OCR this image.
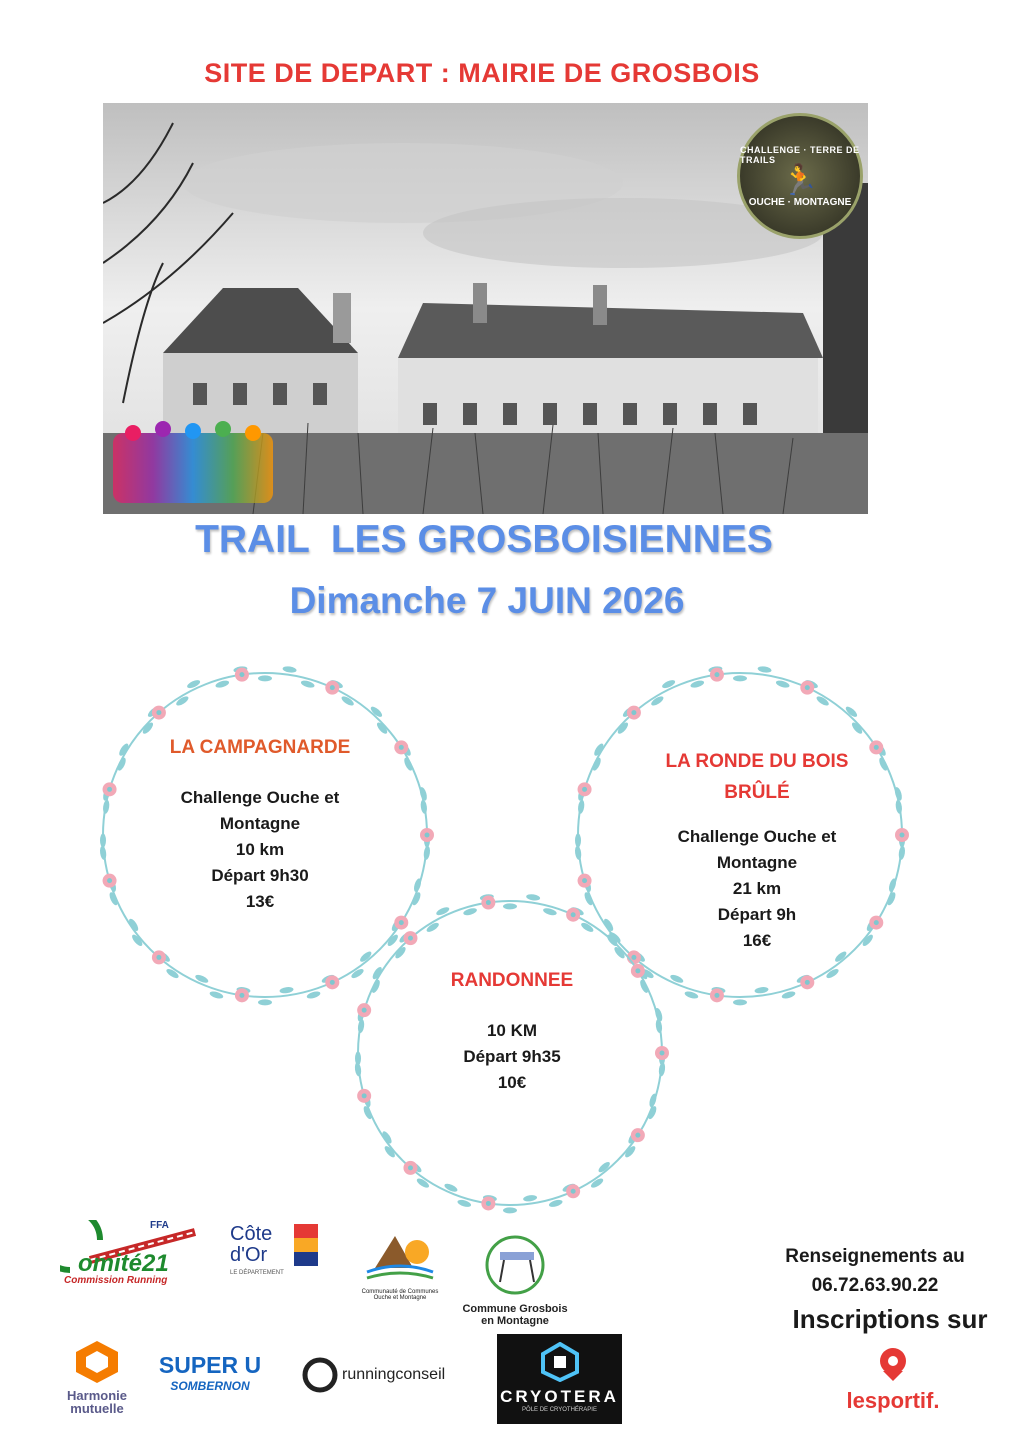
SITE DE DEPART : MAIRIE DE GROSBOIS
CHALLENGE · TERRE DE TRAILS
🏃
OUCHE · MONTAGNE
TRAIL  LES GROSBOISIENNES
Dimanche 7 JUIN 2026
LA CAMPAGNARDE
Challenge Ouche et
Montagne
10 km
Départ 9h30
13€
LA RONDE DU BOIS
BRÛLÉ
Challenge Ouche et
Montagne
21 km
Départ 9h
16€
RANDONNEE
10 KM
Départ 9h35
10€
FFA
omité21
Commission Running
Côte
d'Or
LE DÉPARTEMENT
Communauté de Communes
Ouche et Montagne
Commune Grosbois
en Montagne
Renseignements au
06.72.63.90.22
Inscriptions sur
Harmonie
mutuelle
SUPER U
SOMBERNON
runningconseil
CRYOTERA
PÔLE DE CRYOTHÉRAPIE	lesportif.
